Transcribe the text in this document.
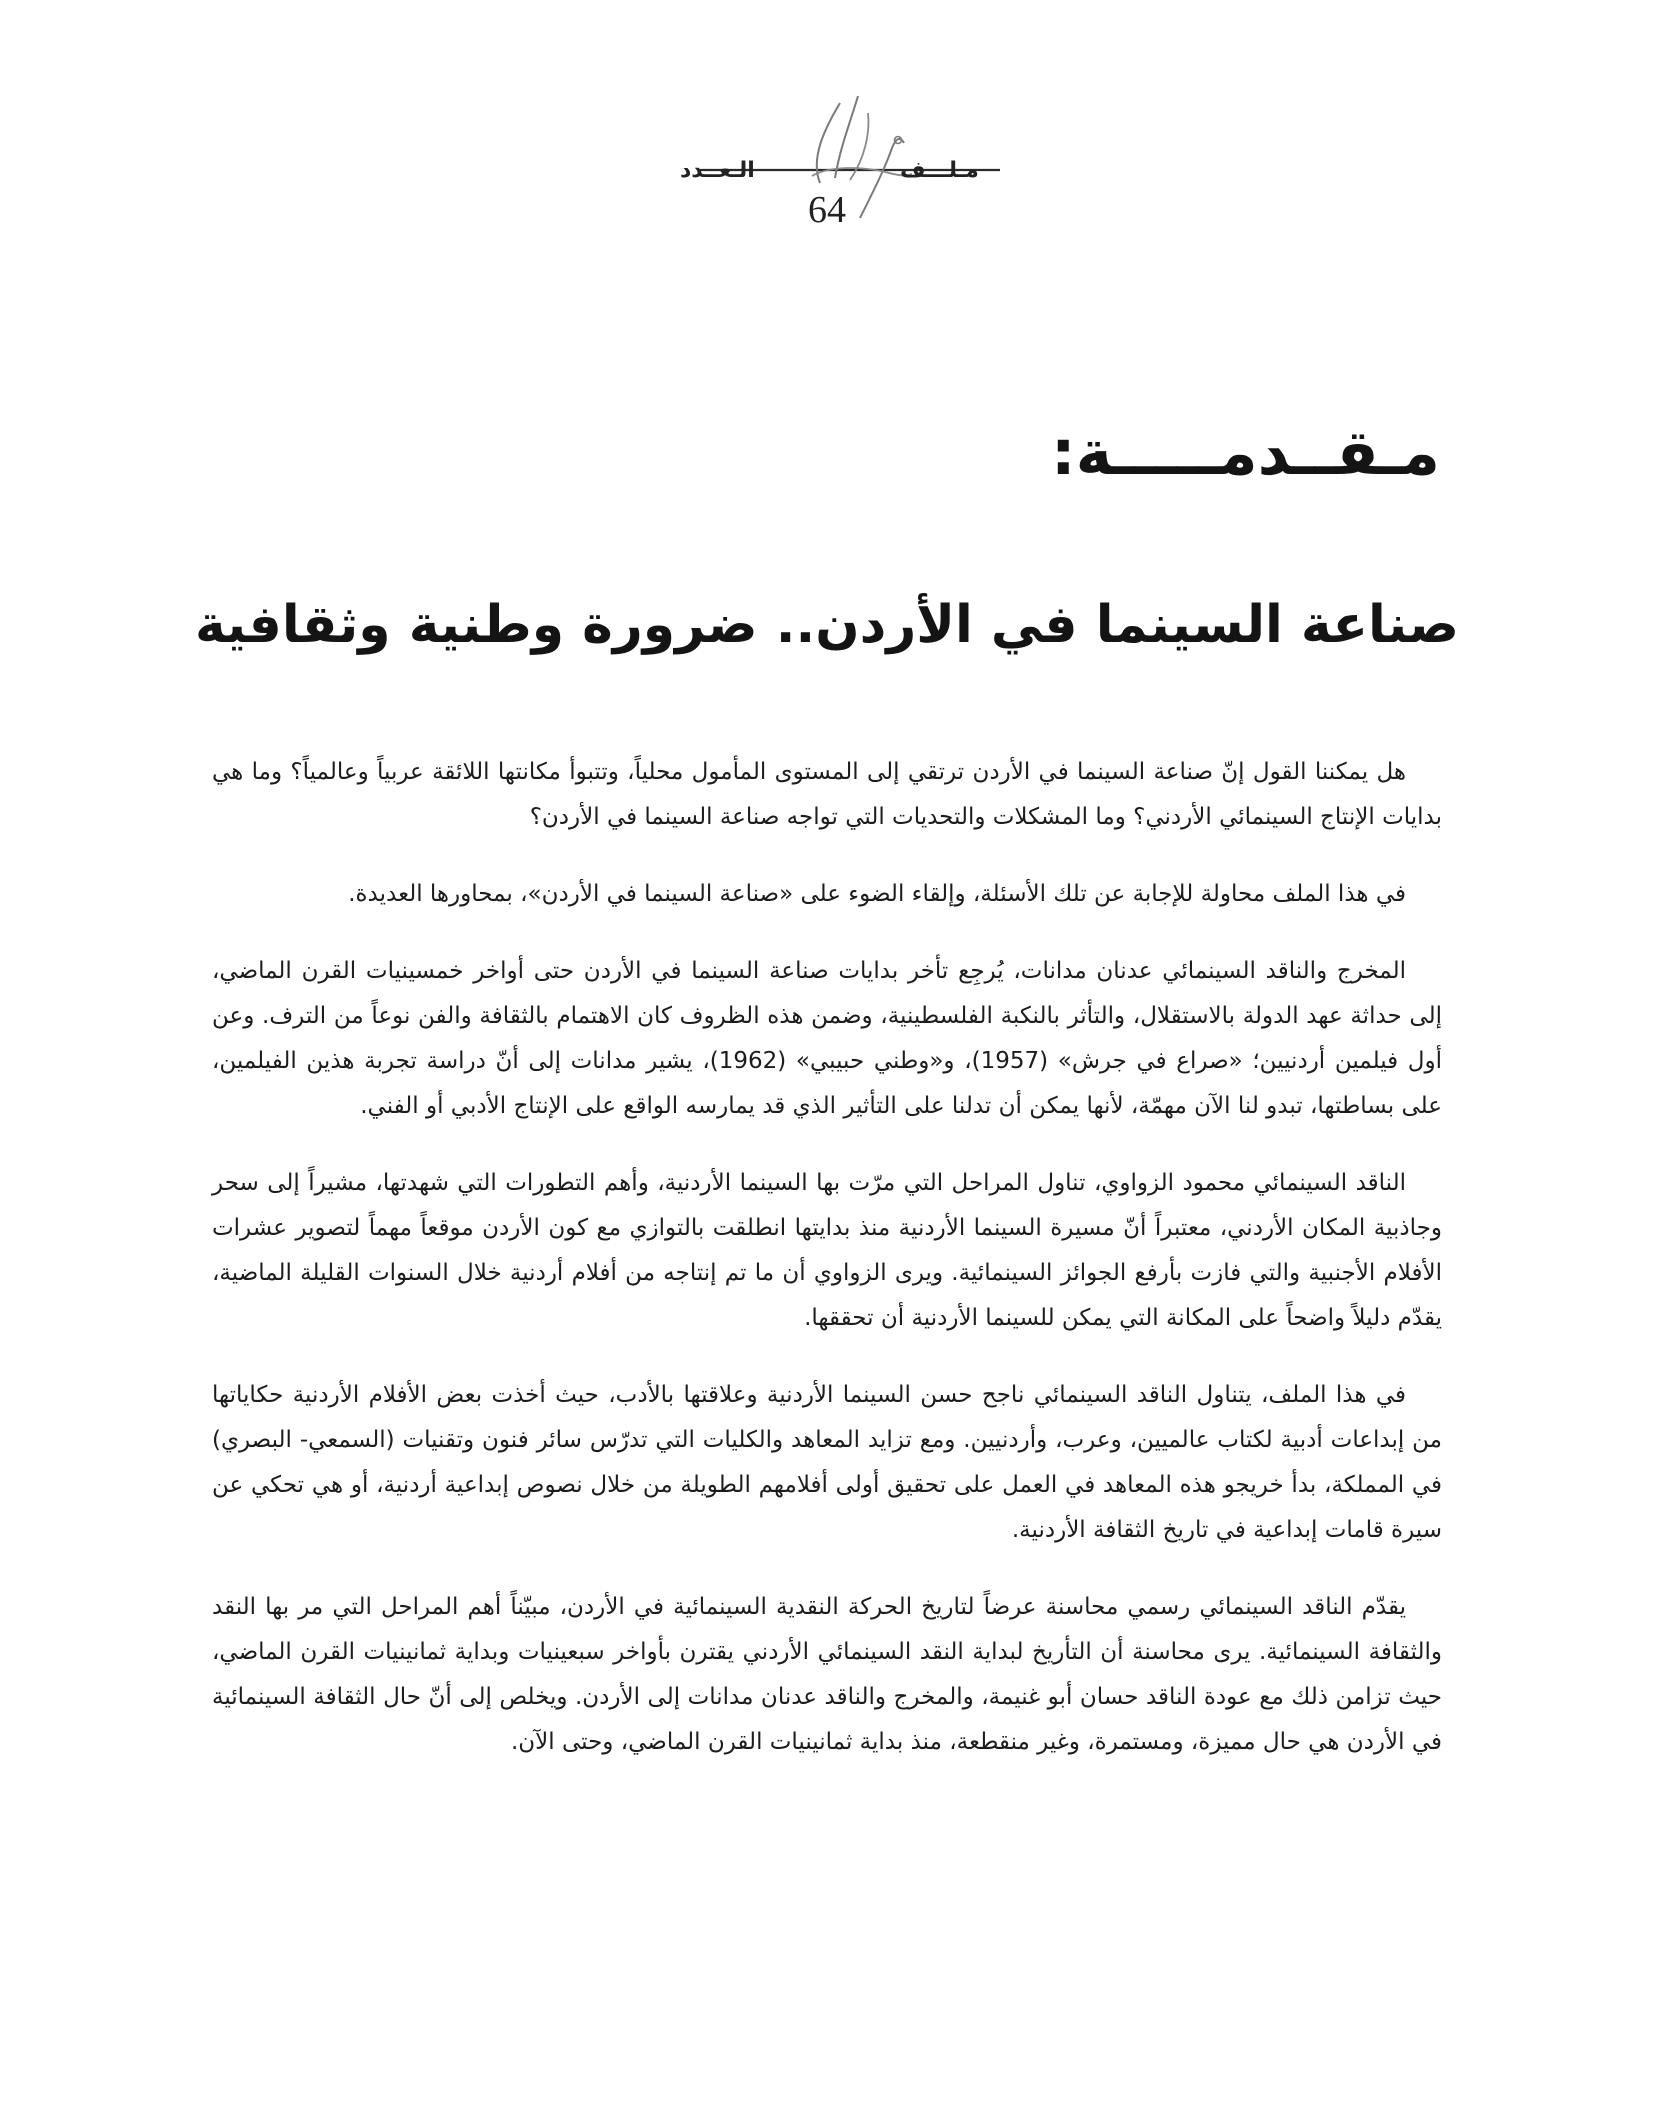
مـلـــف
الـعــدد
64
مـقــدمـــــة:
صناعة السينما في الأردن.. ضرورة وطنية وثقافية

هل يمكننا القول إنّ صناعة السينما في الأردن ترتقي إلى المستوى المأمول محلياً، وتتبوأ مكانتها اللائقة عربياً وعالمياً؟ وما هي بدايات الإنتاج السينمائي الأردني؟ وما المشكلات والتحديات التي تواجه صناعة السينما في الأردن؟

في هذا الملف محاولة للإجابة عن تلك الأسئلة، وإلقاء الضوء على «صناعة السينما في الأردن»، بمحاورها العديدة.

المخرج والناقد السينمائي عدنان مدانات، يُرجِع تأخر بدايات صناعة السينما في الأردن حتى أواخر خمسينيات القرن الماضي، إلى حداثة عهد الدولة بالاستقلال، والتأثر بالنكبة الفلسطينية، وضمن هذه الظروف كان الاهتمام بالثقافة والفن نوعاً من الترف. وعن أول فيلمين أردنيين؛ «صراع في جرش» (1957)، و«وطني حبيبي» (1962)، يشير مدانات إلى أنّ دراسة تجربة هذين الفيلمين، على بساطتها، تبدو لنا الآن مهمّة، لأنها يمكن أن تدلنا على التأثير الذي قد يمارسه الواقع على الإنتاج الأدبي أو الفني.

الناقد السينمائي محمود الزواوي، تناول المراحل التي مرّت بها السينما الأردنية، وأهم التطورات التي شهدتها، مشيراً إلى سحر وجاذبية المكان الأردني، معتبراً أنّ مسيرة السينما الأردنية منذ بدايتها انطلقت بالتوازي مع كون الأردن موقعاً مهماً لتصوير عشرات الأفلام الأجنبية والتي فازت بأرفع الجوائز السينمائية. ويرى الزواوي أن ما تم إنتاجه من أفلام أردنية خلال السنوات القليلة الماضية، يقدّم دليلاً واضحاً على المكانة التي يمكن للسينما الأردنية أن تحققها.

في هذا الملف، يتناول الناقد السينمائي ناجح حسن السينما الأردنية وعلاقتها بالأدب، حيث أخذت بعض الأفلام الأردنية حكاياتها من إبداعات أدبية لكتاب عالميين، وعرب، وأردنيين. ومع تزايد المعاهد والكليات التي تدرّس سائر فنون وتقنيات (السمعي- البصري) في المملكة، بدأ خريجو هذه المعاهد في العمل على تحقيق أولى أفلامهم الطويلة من خلال نصوص إبداعية أردنية، أو هي تحكي عن سيرة قامات إبداعية في تاريخ الثقافة الأردنية.

يقدّم الناقد السينمائي رسمي محاسنة عرضاً لتاريخ الحركة النقدية السينمائية في الأردن، مبيّناً أهم المراحل التي مر بها النقد والثقافة السينمائية. يرى محاسنة أن التأريخ لبداية النقد السينمائي الأردني يقترن بأواخر سبعينيات وبداية ثمانينيات القرن الماضي، حيث تزامن ذلك مع عودة الناقد حسان أبو غنيمة، والمخرج والناقد عدنان مدانات إلى الأردن. ويخلص إلى أنّ حال الثقافة السينمائية في الأردن هي حال مميزة، ومستمرة، وغير منقطعة، منذ بداية ثمانينيات القرن الماضي، وحتى الآن.
